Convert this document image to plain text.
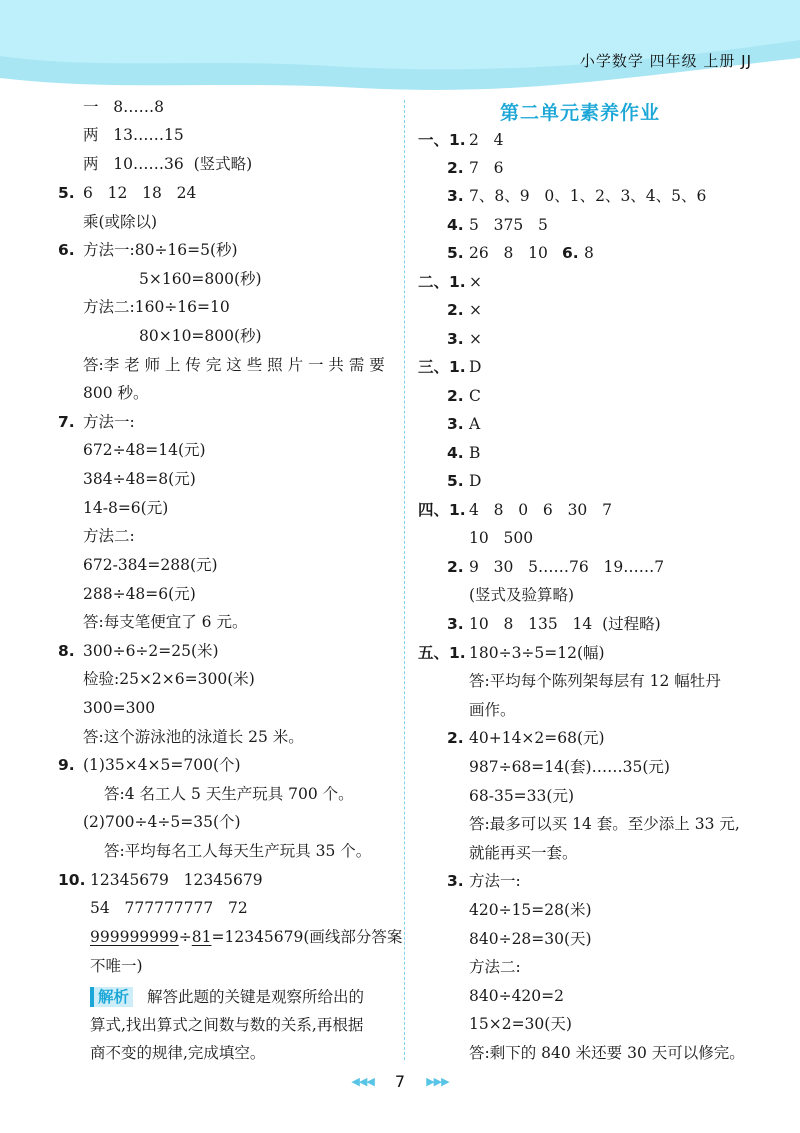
小学数学 四年级 上册 JJ
一   8……8
两   13……15
两   10……36  (竖式略)
5. 6   12   18   24
乘(或除以)
6. 方法一:80÷16=5(秒)
5×160=800(秒)
方法二:160÷16=10
80×10=800(秒)
答:李 老 师 上 传 完 这 些 照 片 一 共 需 要
800 秒。
7. 方法一:
672÷48=14(元)
384÷48=8(元)
14-8=6(元)
方法二:
672-384=288(元)
288÷48=6(元)
答:每支笔便宜了 6 元。
8. 300÷6÷2=25(米)
检验:25×2×6=300(米)
300=300
答:这个游泳池的泳道长 25 米。
9. (1)35×4×5=700(个)
答:4 名工人 5 天生产玩具 700 个。
(2)700÷4÷5=35(个)
答:平均每名工人每天生产玩具 35 个。
10. 12345679   12345679
54   777777777   72
999999999÷81=12345679(画线部分答案
不唯一)
解析 解答此题的关键是观察所给出的
算式,找出算式之间数与数的关系,再根据
商不变的规律,完成填空。
第二单元素养作业
一、1. 2   4
2. 7   6
3. 7、8、9   0、1、2、3、4、5、6
4. 5   375   5
5. 26   8   10 6. 8
二、1. ×
2. ×
3. ×
三、1. D
2. C
3. A
4. B
5. D
四、1. 4   8   0   6   30   7
10   500
2. 9   30   5……76   19……7
(竖式及验算略)
3. 10   8   135   14  (过程略)
五、1. 180÷3÷5=12(幅)
答:平均每个陈列架每层有 12 幅牡丹
画作。
2. 40+14×2=68(元)
987÷68=14(套)……35(元)
68-35=33(元)
答:最多可以买 14 套。至少添上 33 元,
就能再买一套。
3. 方法一:
420÷15=28(米)
840÷28=30(天)
方法二:
840÷420=2
15×2=30(天)
答:剩下的 840 米还要 30 天可以修完。
◀◀◀ 7 ▶▶▶
